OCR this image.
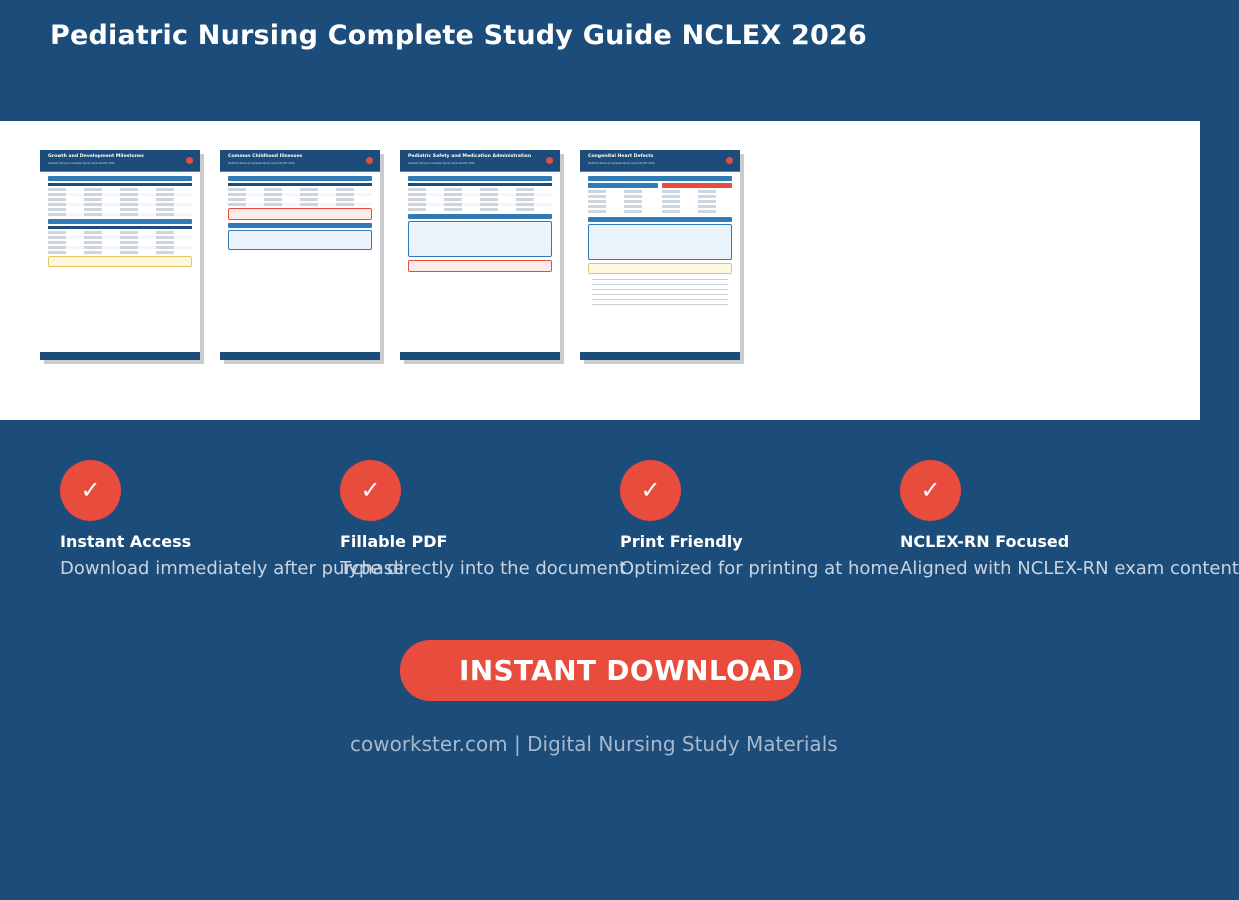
Pediatric Nursing Complete Study Guide NCLEX 2026
Growth and Development Milestones
Pediatric Nursing Complete Study Guide NCLEX 2026
Common Childhood Illnesses
Pediatric Nursing Complete Study Guide NCLEX 2026
Pediatric Safety and Medication Administration
Pediatric Nursing Complete Study Guide NCLEX 2026
Congenital Heart Defects
Pediatric Nursing Complete Study Guide NCLEX 2026
✓
Instant Access
Download immediately after purchase
✓
Fillable PDF
Type directly into the document
✓
Print Friendly
Optimized for printing at home
✓
NCLEX-RN Focused
Aligned with NCLEX-RN exam content
INSTANT DOWNLOAD
coworkster.com | Digital Nursing Study Materials
